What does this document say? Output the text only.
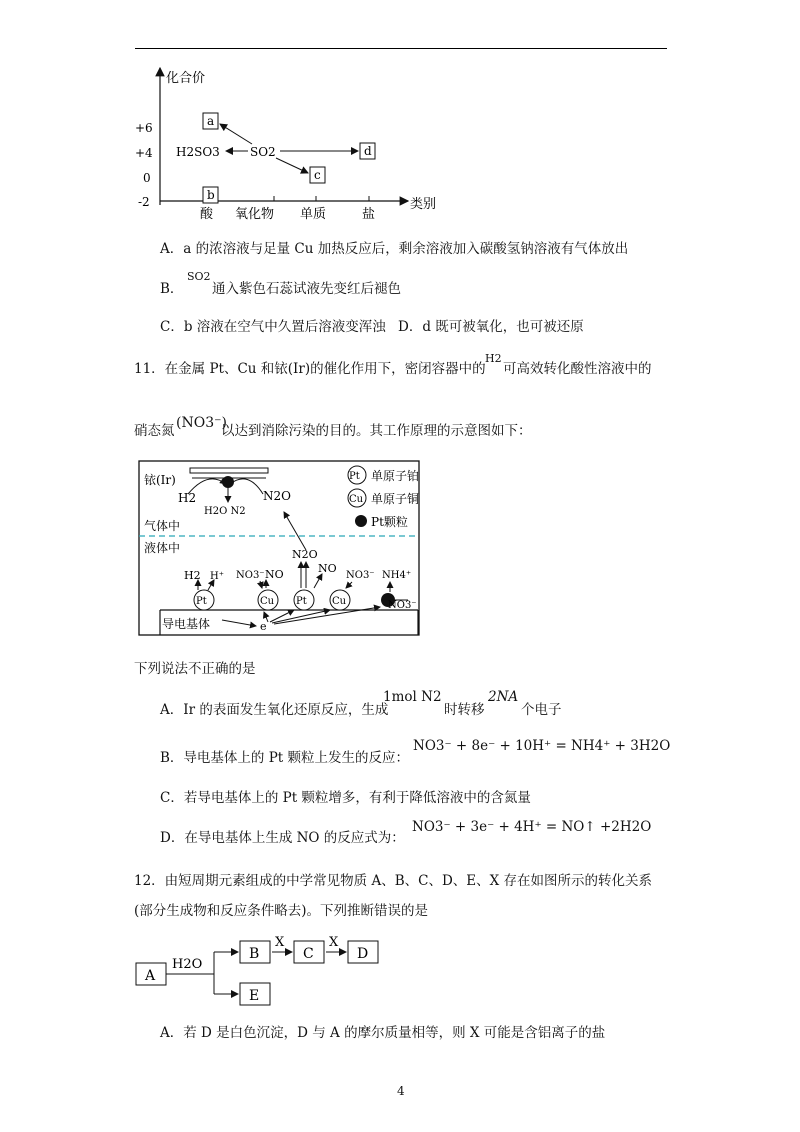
化合价
+6
+4
0
-2
酸 氧化物 单质	盐
类别
a
b
c
d
H2SO3	SO2
A．a 的浓溶液与足量 Cu 加热反应后，剩余溶液加入碳酸氢钠溶液有气体放出
B．
SO2
通入紫色石蕊试液先变红后褪色
C．b 溶液在空气中久置后溶液变浑浊 D．d 既可被氧化，也可被还原
11．在金属 Pt、Cu 和铱(Ir)的催化作用下，密闭容器中的
H2
可高效转化酸性溶液中的
硝态氮 (NO3⁻)
以达到消除污染的目的。其工作原理的示意图如下：
铱(Ir)
H2	N2O
H2O N2
Pt 单原子铂
Cu 单原子铜
Pt颗粒
气体中
液体中	N2O
H2 H⁺ NO3⁻ NO	NO
NO3⁻ NH4⁺
Pt	Cu Pt	Cu	NO3⁻
导电基体	e
下列说法不正确的是
A．Ir 的表面发生氧化还原反应，生成
1mol N2
时转移
2NA
个电子
B．导电基体上的 Pt 颗粒上发生的反应：
NO3⁻ + 8e⁻ + 10H⁺ = NH4⁺ + 3H2O
C．若导电基体上的 Pt 颗粒增多，有利于降低溶液中的含氮量
D．在导电基体上生成 NO 的反应式为：
NO3⁻ + 3e⁻ + 4H⁺ = NO↑ +2H2O
12．由短周期元素组成的中学常见物质 A、B、C、D、E、X 存在如图所示的转化关系
(部分生成物和反应条件略去)。下列推断错误的是
A
H2O
B
X
C
X
D
E
A．若 D 是白色沉淀，D 与 A 的摩尔质量相等，则 X 可能是含铝离子的盐
4
